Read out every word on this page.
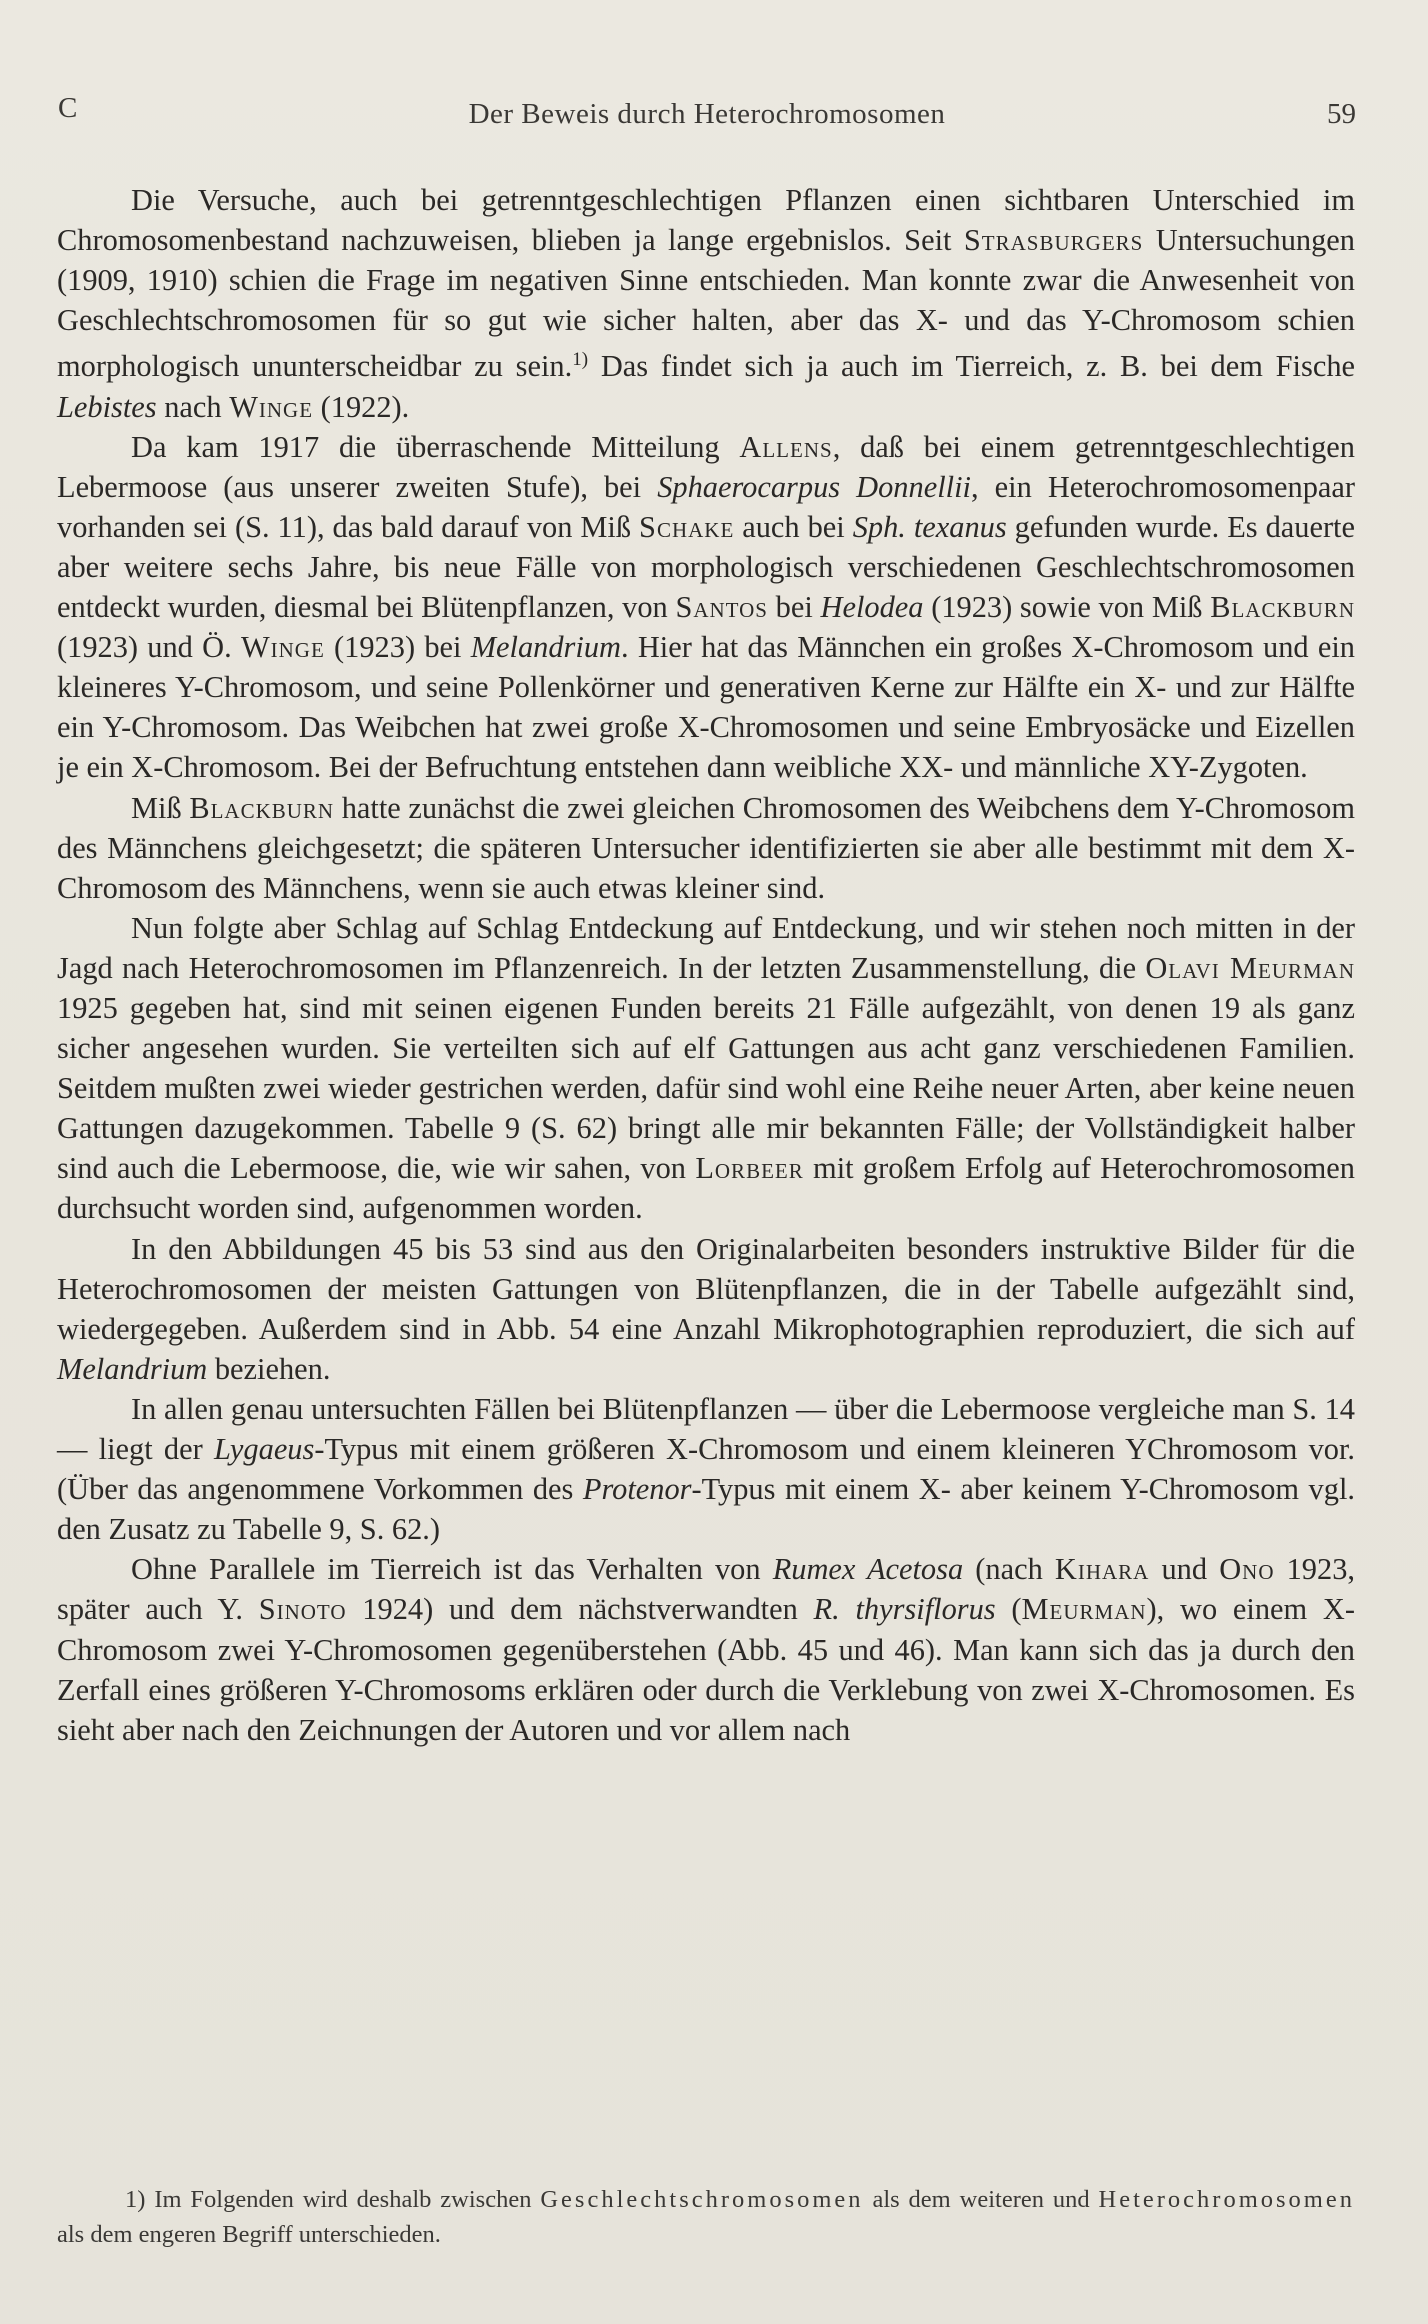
C	Der Beweis durch Heterochromosomen	59

Die Versuche, auch bei getrenntgeschlechtigen Pflanzen einen sichtbaren Unterschied im Chromosomenbestand nachzuweisen, blieben ja lange ergebnislos. Seit Strasburgers Untersuchungen (1909, 1910) schien die Frage im negativen Sinne entschieden. Man konnte zwar die Anwesenheit von Geschlechtschromosomen für so gut wie sicher halten, aber das X- und das Y-Chromosom schien morphologisch ununterscheidbar zu sein.$^{1)}$ Das findet sich ja auch im Tierreich, z. B. bei dem Fische Lebistes nach Winge (1922).

Da kam 1917 die überraschende Mitteilung Allens, daß bei einem getrenntgeschlechtigen Lebermoose (aus unserer zweiten Stufe), bei Sphaerocarpus Donnellii, ein Heterochromosomenpaar vorhanden sei (S. 11), das bald darauf von Miß Schake auch bei Sph. texanus gefunden wurde. Es dauerte aber weitere sechs Jahre, bis neue Fälle von morphologisch verschiedenen Geschlechtschromosomen entdeckt wurden, diesmal bei Blütenpflanzen, von Santos bei Helodea (1923) sowie von Miß Blackburn (1923) und Ö. Winge (1923) bei Melandrium. Hier hat das Männchen ein großes X-Chromosom und ein kleineres Y-Chromosom, und seine Pollenkörner und generativen Kerne zur Hälfte ein X- und zur Hälfte ein Y-Chromosom. Das Weibchen hat zwei große X-Chromosomen und seine Embryosäcke und Eizellen je ein X-Chromosom. Bei der Befruchtung entstehen dann weibliche XX- und männliche XY-Zygoten.

Miß Blackburn hatte zunächst die zwei gleichen Chromosomen des Weibchens dem Y-Chromosom des Männchens gleichgesetzt; die späteren Untersucher identifizierten sie aber alle bestimmt mit dem X-Chromosom des Männchens, wenn sie auch etwas kleiner sind.

Nun folgte aber Schlag auf Schlag Entdeckung auf Entdeckung, und wir stehen noch mitten in der Jagd nach Heterochromosomen im Pflanzenreich. In der letzten Zusammenstellung, die Olavi Meurman 1925 gegeben hat, sind mit seinen eigenen Funden bereits 21 Fälle aufgezählt, von denen 19 als ganz sicher angesehen wurden. Sie verteilten sich auf elf Gattungen aus acht ganz verschiedenen Familien. Seitdem mußten zwei wieder gestrichen werden, dafür sind wohl eine Reihe neuer Arten, aber keine neuen Gattungen dazugekommen. Tabelle 9 (S. 62) bringt alle mir bekannten Fälle; der Vollständigkeit halber sind auch die Lebermoose, die, wie wir sahen, von Lorbeer mit großem Erfolg auf Heterochromosomen durchsucht worden sind, aufgenommen worden.

In den Abbildungen 45 bis 53 sind aus den Originalarbeiten besonders instruktive Bilder für die Heterochromosomen der meisten Gattungen von Blütenpflanzen, die in der Tabelle aufgezählt sind, wiedergegeben. Außerdem sind in Abb. 54 eine Anzahl Mikrophotographien reproduziert, die sich auf Melandrium beziehen.

In allen genau untersuchten Fällen bei Blütenpflanzen — über die Lebermoose vergleiche man S. 14 — liegt der Lygaeus-Typus mit einem größeren X-Chromosom und einem kleineren YChromosom vor. (Über das angenommene Vorkommen des Protenor-Typus mit einem X- aber keinem Y-Chromosom vgl. den Zusatz zu Tabelle 9, S. 62.)

Ohne Parallele im Tierreich ist das Verhalten von Rumex Acetosa (nach Kihara und Ono 1923, später auch Y. Sinoto 1924) und dem nächstverwandten R. thyrsiflorus (Meurman), wo einem X-Chromosom zwei Y-Chromosomen gegenüberstehen (Abb. 45 und 46). Man kann sich das ja durch den Zerfall eines größeren Y-Chromosoms erklären oder durch die Verklebung von zwei X-Chromosomen. Es sieht aber nach den Zeichnungen der Autoren und vor allem nach

1) Im Folgenden wird deshalb zwischen Geschlechtschromosomen als dem weiteren und Heterochromosomen als dem engeren Begriff unterschieden.
